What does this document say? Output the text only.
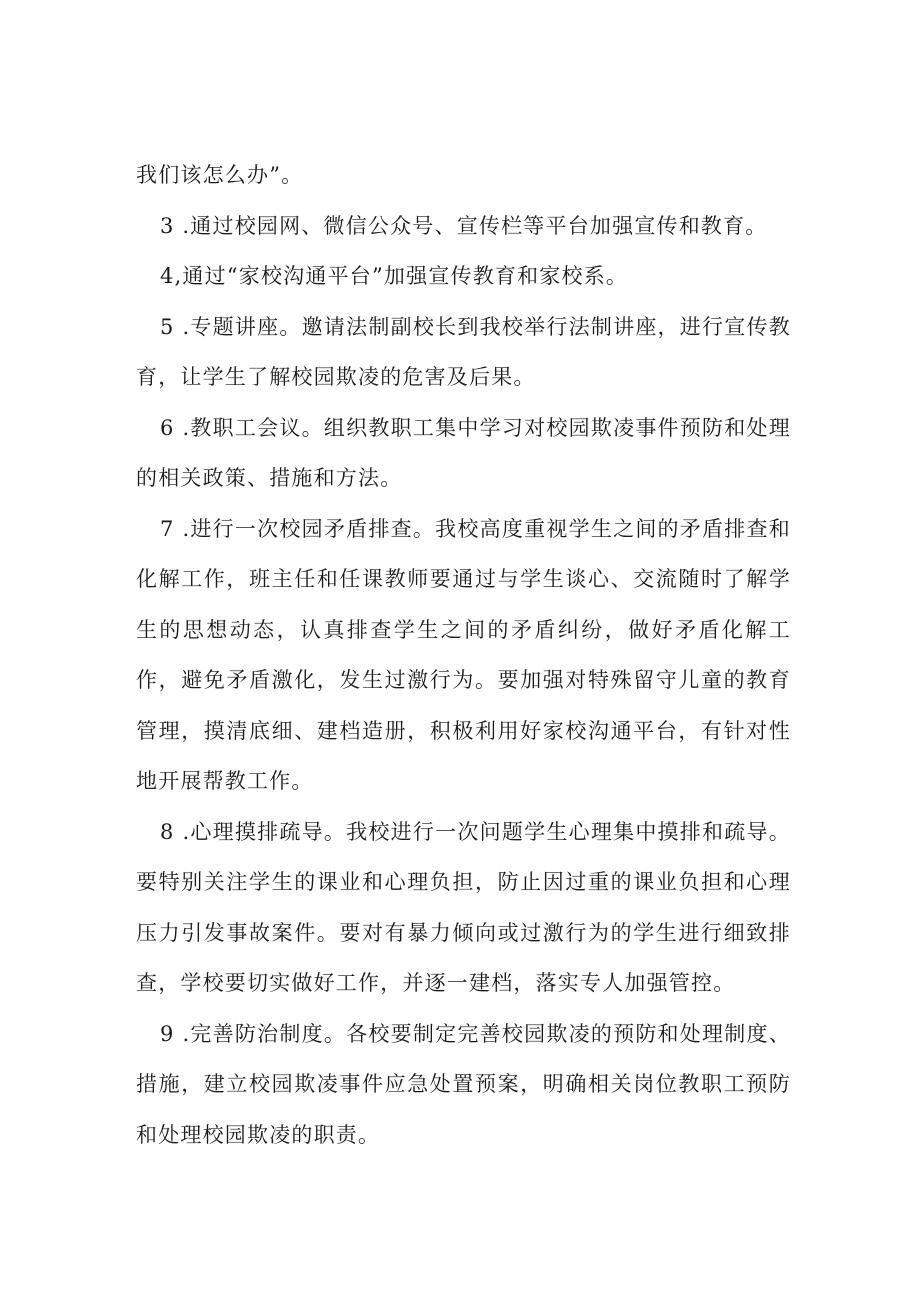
我们该怎么办”。

3 .通过校园网、微信公众号、宣传栏等平台加强宣传和教育。

4,通过“家校沟通平台”加强宣传教育和家校系。

5 .专题讲座。邀请法制副校长到我校举行法制讲座，进行宣传教育，让学生了解校园欺凌的危害及后果。

6 .教职工会议。组织教职工集中学习对校园欺凌事件预防和处理的相关政策、措施和方法。

7 .进行一次校园矛盾排查。我校高度重视学生之间的矛盾排查和化解工作，班主任和任课教师要通过与学生谈心、交流随时了解学生的思想动态，认真排查学生之间的矛盾纠纷，做好矛盾化解工作，避免矛盾激化，发生过激行为。要加强对特殊留守儿童的教育管理，摸清底细、建档造册，积极利用好家校沟通平台，有针对性地开展帮教工作。

8 .心理摸排疏导。我校进行一次问题学生心理集中摸排和疏导。要特别关注学生的课业和心理负担，防止因过重的课业负担和心理压力引发事故案件。要对有暴力倾向或过激行为的学生进行细致排查，学校要切实做好工作，并逐一建档，落实专人加强管控。

9 .完善防治制度。各校要制定完善校园欺凌的预防和处理制度、措施，建立校园欺凌事件应急处置预案，明确相关岗位教职工预防和处理校园欺凌的职责。
